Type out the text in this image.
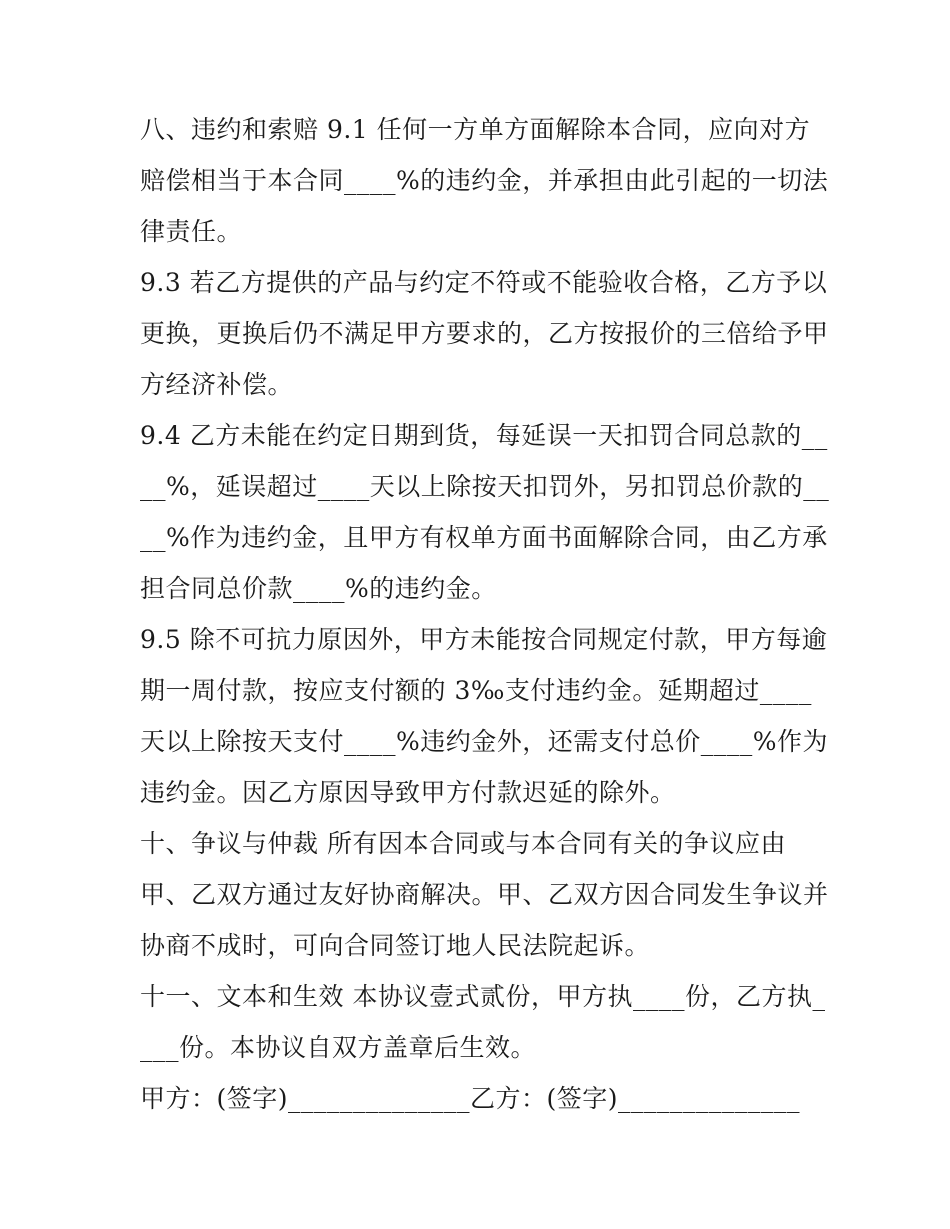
八、违约和索赔 9.1 任何一方单方面解除本合同，应向对方赔偿相当于本合同____%的违约金，并承担由此引起的一切法律责任。

9.3 若乙方提供的产品与约定不符或不能验收合格，乙方予以更换，更换后仍不满足甲方要求的，乙方按报价的三倍给予甲方经济补偿。

9.4 乙方未能在约定日期到货，每延误一天扣罚合同总款的____%，延误超过____天以上除按天扣罚外，另扣罚总价款的____%作为违约金，且甲方有权单方面书面解除合同，由乙方承担合同总价款____%的违约金。

9.5 除不可抗力原因外，甲方未能按合同规定付款，甲方每逾期一周付款，按应支付额的 3‰支付违约金。延期超过____天以上除按天支付____%违约金外，还需支付总价____%作为违约金。因乙方原因导致甲方付款迟延的除外。

十、争议与仲裁 所有因本合同或与本合同有关的争议应由甲、乙双方通过友好协商解决。甲、乙双方因合同发生争议并协商不成时，可向合同签订地人民法院起诉。

十一、文本和生效 本协议壹式贰份，甲方执____份，乙方执____份。本协议自双方盖章后生效。

甲方：(签字)______________乙方：(签字)______________
